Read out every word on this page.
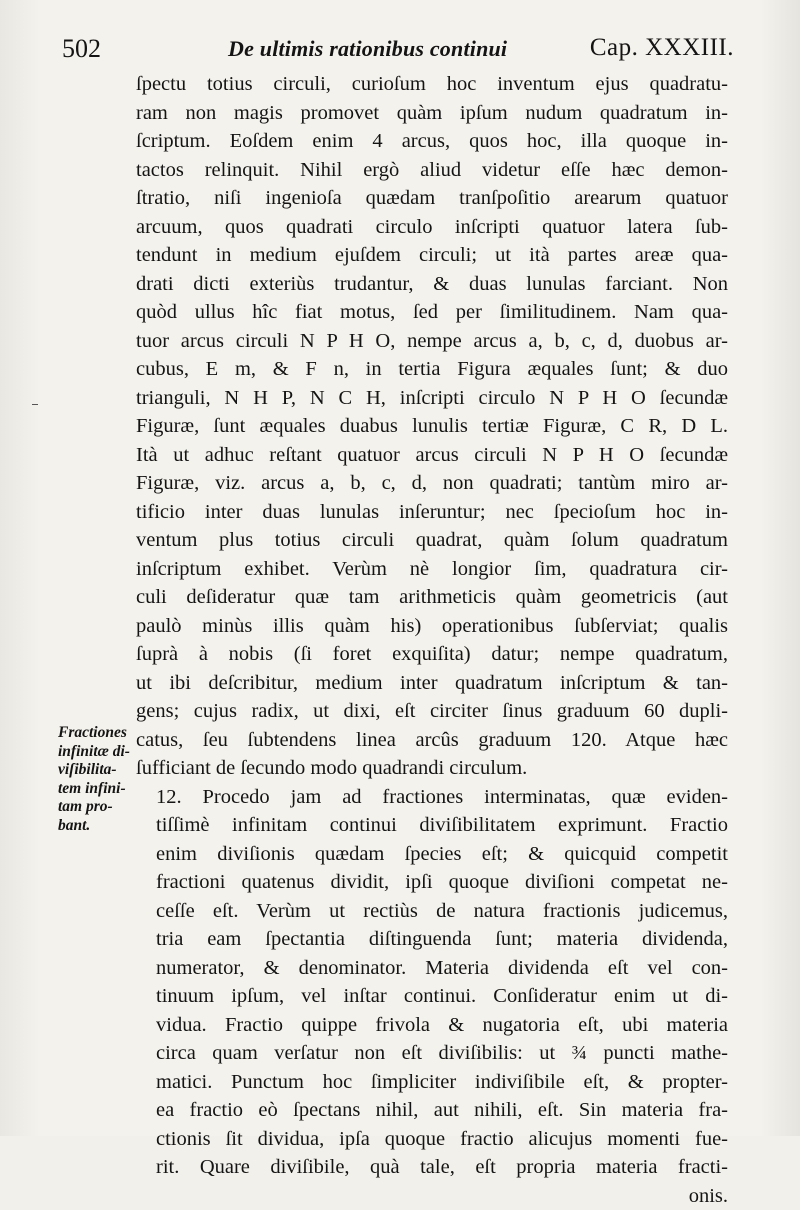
502	De ultimis rationibus continui	Cap. XXXIII.
ſpectu totius circuli, curioſum hoc inventum ejus quadratu-
ram non magis promovet quàm ipſum nudum quadratum in-
ſcriptum. Eoſdem enim 4 arcus, quos hoc, illa quoque in-
tactos relinquit. Nihil ergò aliud videtur eſſe hæc demon-
ſtratio, niſi ingenioſa quædam tranſpoſitio arearum quatuor
arcuum, quos quadrati circulo inſcripti quatuor latera ſub-
tendunt in medium ejuſdem circuli; ut ità partes areæ qua-
drati dicti exteriùs trudantur, & duas lunulas farciant. Non
quòd ullus hîc fiat motus, ſed per ſimilitudinem. Nam qua-
tuor arcus circuli N P H O, nempe arcus a, b, c, d, duobus ar-
cubus, E m, & F n, in tertia Figura æquales ſunt; & duo
trianguli, N H P, N C H, inſcripti circulo N P H O ſecundæ
Figuræ, ſunt æquales duabus lunulis tertiæ Figuræ, C R, D L.
Ità ut adhuc reſtant quatuor arcus circuli N P H O ſecundæ
Figuræ, viz. arcus a, b, c, d, non quadrati; tantùm miro ar-
tificio inter duas lunulas inſeruntur; nec ſpecioſum hoc in-
ventum plus totius circuli quadrat, quàm ſolum quadratum
inſcriptum exhibet. Verùm nè longior ſim, quadratura cir-
culi deſideratur quæ tam arithmeticis quàm geometricis (aut
paulò minùs illis quàm his) operationibus ſubſerviat; qualis
ſuprà à nobis (ſi foret exquiſita) datur; nempe quadratum,
ut ibi deſcribitur, medium inter quadratum inſcriptum & tan-
gens; cujus radix, ut dixi, eſt circiter ſinus graduum 60 dupli-
catus, ſeu ſubtendens linea arcûs graduum 120. Atque hæc
ſufficiant de ſecundo modo quadrandi circulum.
12. Procedo jam ad fractiones interminatas, quæ eviden-
tiſſimè infinitam continui diviſibilitatem exprimunt. Fractio
enim diviſionis quædam ſpecies eſt; & quicquid competit
fractioni quatenus dividit, ipſi quoque diviſioni competat ne-
ceſſe eſt. Verùm ut rectiùs de natura fractionis judicemus,
tria eam ſpectantia diſtinguenda ſunt; materia dividenda,
numerator, & denominator. Materia dividenda eſt vel con-
tinuum ipſum, vel inſtar continui. Conſideratur enim ut di-
vidua. Fractio quippe frivola & nugatoria eſt, ubi materia
circa quam verſatur non eſt diviſibilis: ut ¾ puncti mathe-
matici. Punctum hoc ſimpliciter indiviſibile eſt, & propter-
ea fractio eò ſpectans nihil, aut nihili, eſt. Sin materia fra-
ctionis ſit dividua, ipſa quoque fractio alicujus momenti fue-
rit. Quare diviſibile, quà tale, eſt propria materia fracti-
onis.
Fractiones
infinitæ di-
viſibilita-
tem infini-
tam pro-
bant.
